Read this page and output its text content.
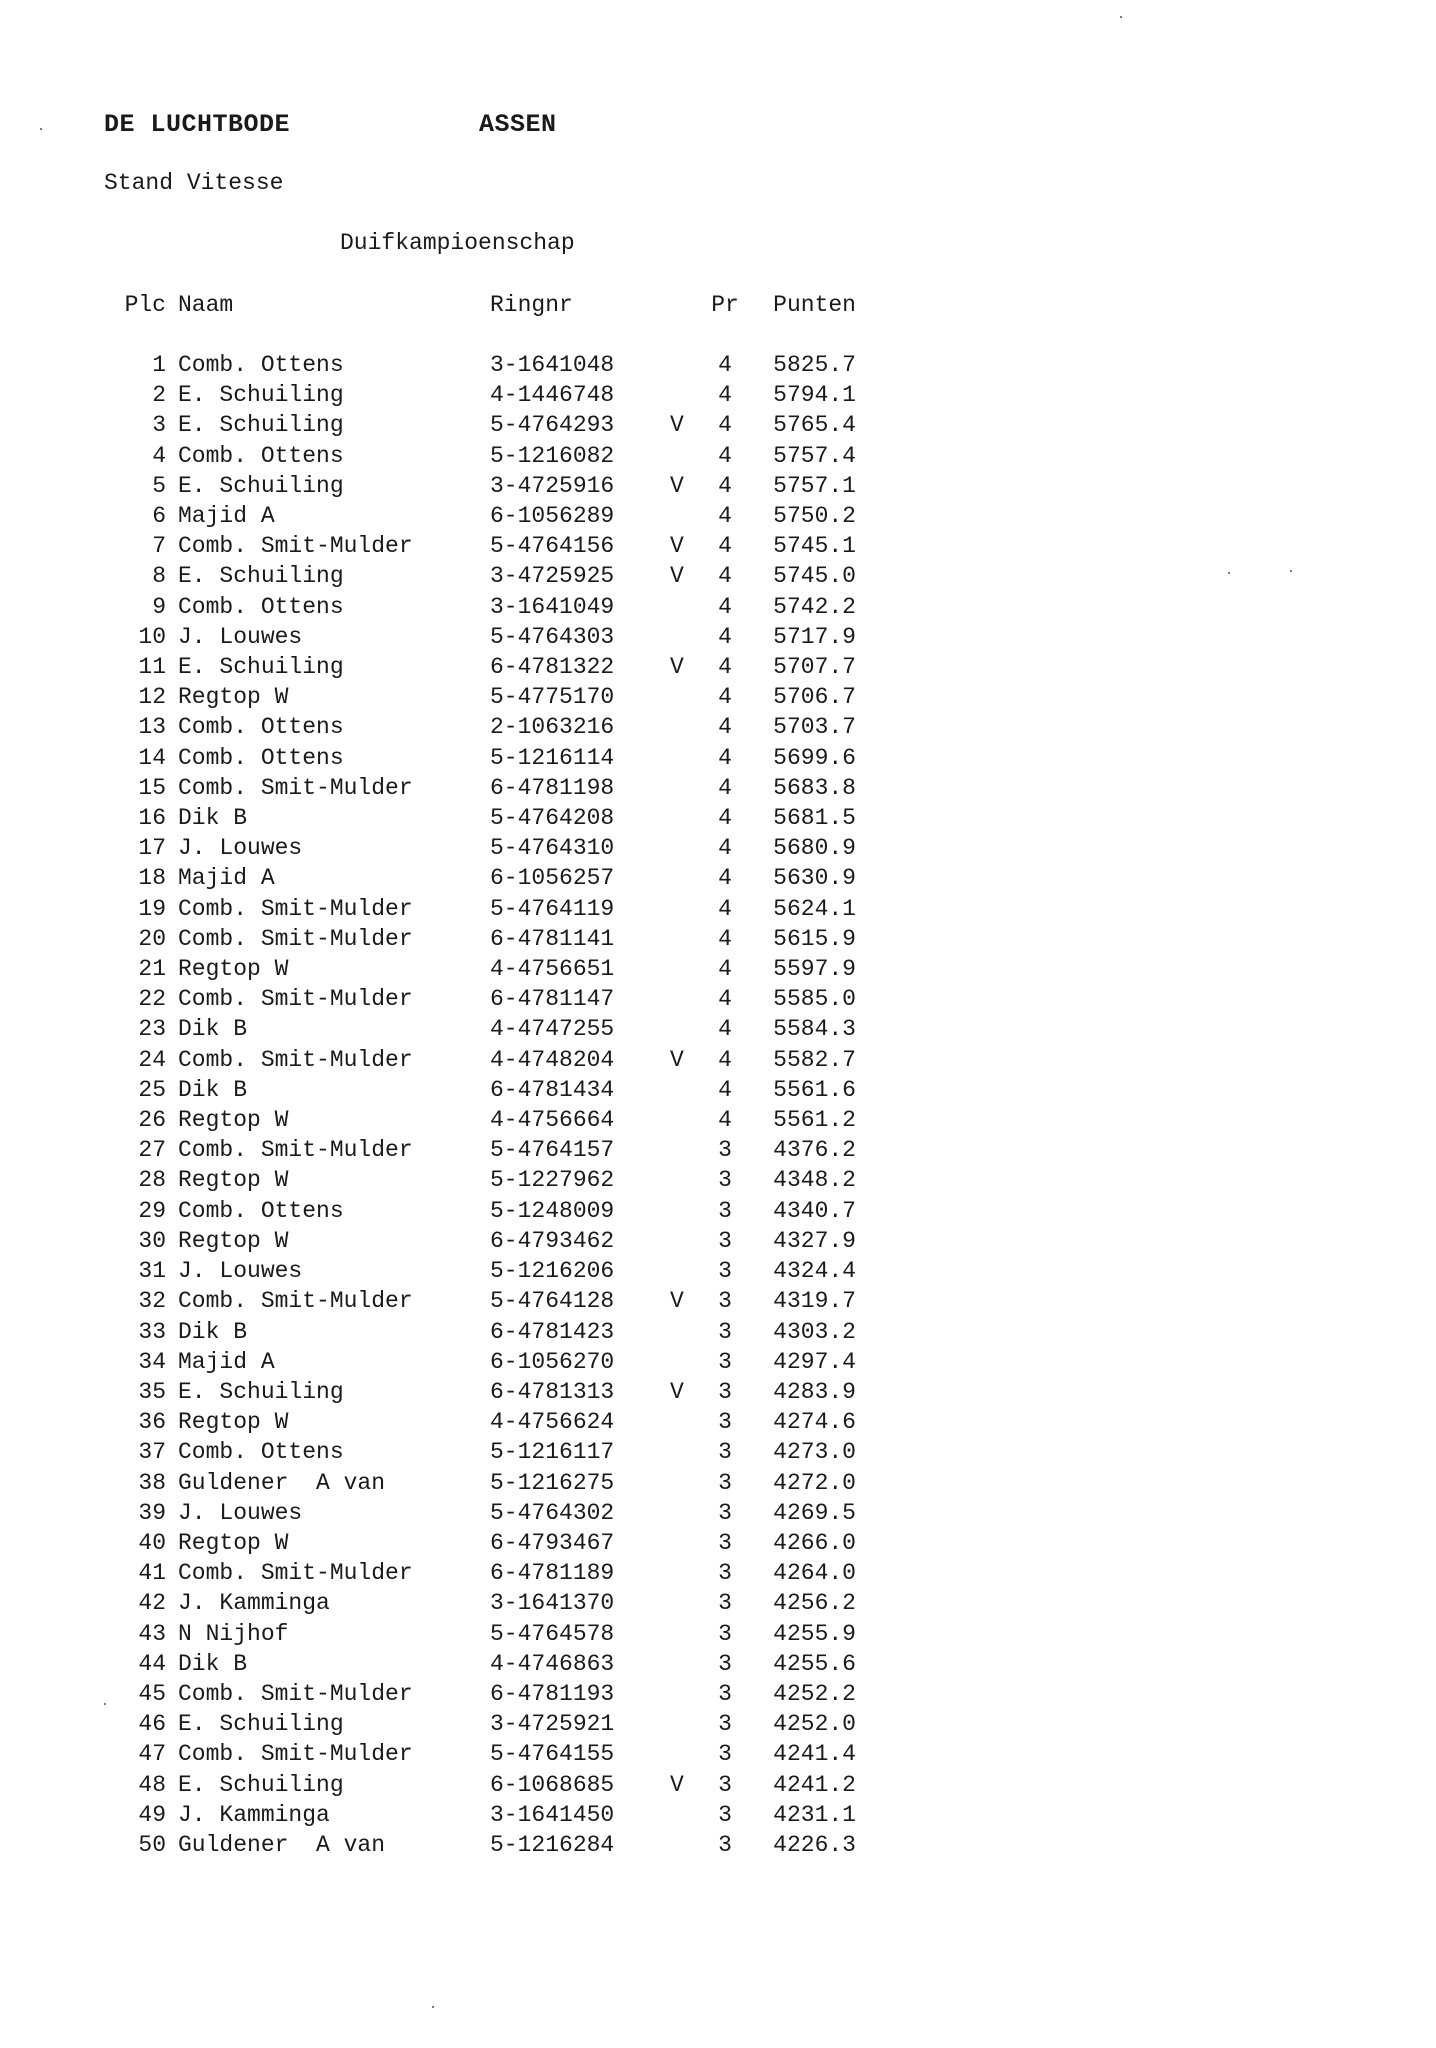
DE LUCHTBODE	ASSEN
Stand Vitesse
Duifkampioenschap
Plc		Naam	Ringnr		Pr	Punten

1		Comb. Ottens	3-1641048		4	5825.7
2		E. Schuiling	4-1446748		4	5794.1
3		E. Schuiling	5-4764293	V	4	5765.4
4		Comb. Ottens	5-1216082		4	5757.4
5		E. Schuiling	3-4725916	V	4	5757.1
6		Majid A	6-1056289		4	5750.2
7		Comb. Smit-Mulder	5-4764156	V	4	5745.1
8		E. Schuiling	3-4725925	V	4	5745.0
9		Comb. Ottens	3-1641049		4	5742.2
10		J. Louwes	5-4764303		4	5717.9
11		E. Schuiling	6-4781322	V	4	5707.7
12		Regtop W	5-4775170		4	5706.7
13		Comb. Ottens	2-1063216		4	5703.7
14		Comb. Ottens	5-1216114		4	5699.6
15		Comb. Smit-Mulder	6-4781198		4	5683.8
16		Dik B	5-4764208		4	5681.5
17		J. Louwes	5-4764310		4	5680.9
18		Majid A	6-1056257		4	5630.9
19		Comb. Smit-Mulder	5-4764119		4	5624.1
20		Comb. Smit-Mulder	6-4781141		4	5615.9
21		Regtop W	4-4756651		4	5597.9
22		Comb. Smit-Mulder	6-4781147		4	5585.0
23		Dik B	4-4747255		4	5584.3
24		Comb. Smit-Mulder	4-4748204	V	4	5582.7
25		Dik B	6-4781434		4	5561.6
26		Regtop W	4-4756664		4	5561.2
27		Comb. Smit-Mulder	5-4764157		3	4376.2
28		Regtop W	5-1227962		3	4348.2
29		Comb. Ottens	5-1248009		3	4340.7
30		Regtop W	6-4793462		3	4327.9
31		J. Louwes	5-1216206		3	4324.4
32		Comb. Smit-Mulder	5-4764128	V	3	4319.7
33		Dik B	6-4781423		3	4303.2
34		Majid A	6-1056270		3	4297.4
35		E. Schuiling	6-4781313	V	3	4283.9
36		Regtop W	4-4756624		3	4274.6
37		Comb. Ottens	5-1216117		3	4273.0
38		Guldener  A van	5-1216275		3	4272.0
39		J. Louwes	5-4764302		3	4269.5
40		Regtop W	6-4793467		3	4266.0
41		Comb. Smit-Mulder	6-4781189		3	4264.0
42		J. Kamminga	3-1641370		3	4256.2
43		N Nijhof	5-4764578		3	4255.9
44		Dik B	4-4746863		3	4255.6
45		Comb. Smit-Mulder	6-4781193		3	4252.2
46		E. Schuiling	3-4725921		3	4252.0
47		Comb. Smit-Mulder	5-4764155		3	4241.4
48		E. Schuiling	6-1068685	V	3	4241.2
49		J. Kamminga	3-1641450		3	4231.1
50		Guldener  A van	5-1216284		3	4226.3
